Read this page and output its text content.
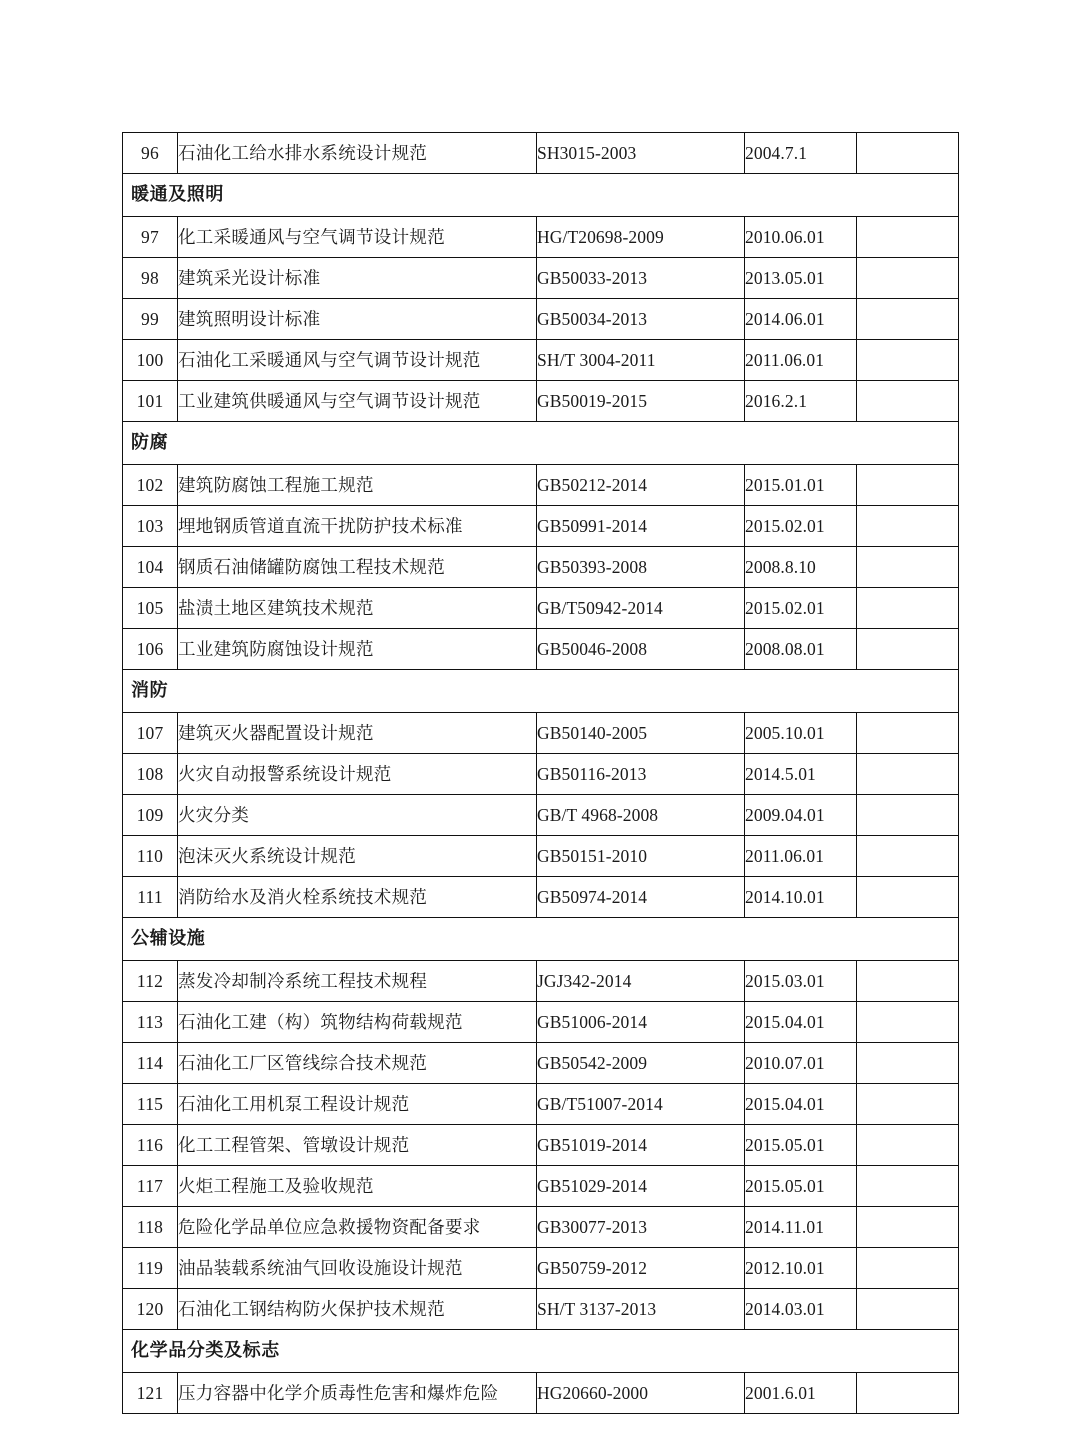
96	石油化工给水排水系统设计规范	SH3015-2003	2004.7.1	
暖通及照明				
97	化工采暖通风与空气调节设计规范	HG/T20698-2009	2010.06.01	
98	建筑采光设计标准	GB50033-2013	2013.05.01	
99	建筑照明设计标准	GB50034-2013	2014.06.01	
100	石油化工采暖通风与空气调节设计规范	SH/T 3004-2011	2011.06.01	
101	工业建筑供暖通风与空气调节设计规范	GB50019-2015	2016.2.1	
防腐				
102	建筑防腐蚀工程施工规范	GB50212-2014	2015.01.01	
103	埋地钢质管道直流干扰防护技术标准	GB50991-2014	2015.02.01	
104	钢质石油储罐防腐蚀工程技术规范	GB50393-2008	2008.8.10	
105	盐渍土地区建筑技术规范	GB/T50942-2014	2015.02.01	
106	工业建筑防腐蚀设计规范	GB50046-2008	2008.08.01	
消防				
107	建筑灭火器配置设计规范	GB50140-2005	2005.10.01	
108	火灾自动报警系统设计规范	GB50116-2013	2014.5.01	
109	火灾分类	GB/T 4968-2008	2009.04.01	
110	泡沫灭火系统设计规范	GB50151-2010	2011.06.01	
111	消防给水及消火栓系统技术规范	GB50974-2014	2014.10.01	
公辅设施				
112	蒸发冷却制冷系统工程技术规程	JGJ342-2014	2015.03.01	
113	石油化工建（构）筑物结构荷载规范	GB51006-2014	2015.04.01	
114	石油化工厂区管线综合技术规范	GB50542-2009	2010.07.01	
115	石油化工用机泵工程设计规范	GB/T51007-2014	2015.04.01	
116	化工工程管架、管墩设计规范	GB51019-2014	2015.05.01	
117	火炬工程施工及验收规范	GB51029-2014	2015.05.01	
118	危险化学品单位应急救援物资配备要求	GB30077-2013	2014.11.01	
119	油品装载系统油气回收设施设计规范	GB50759-2012	2012.10.01	
120	石油化工钢结构防火保护技术规范	SH/T 3137-2013	2014.03.01	
化学品分类及标志				
121	压力容器中化学介质毒性危害和爆炸危险	HG20660-2000	2001.6.01	
